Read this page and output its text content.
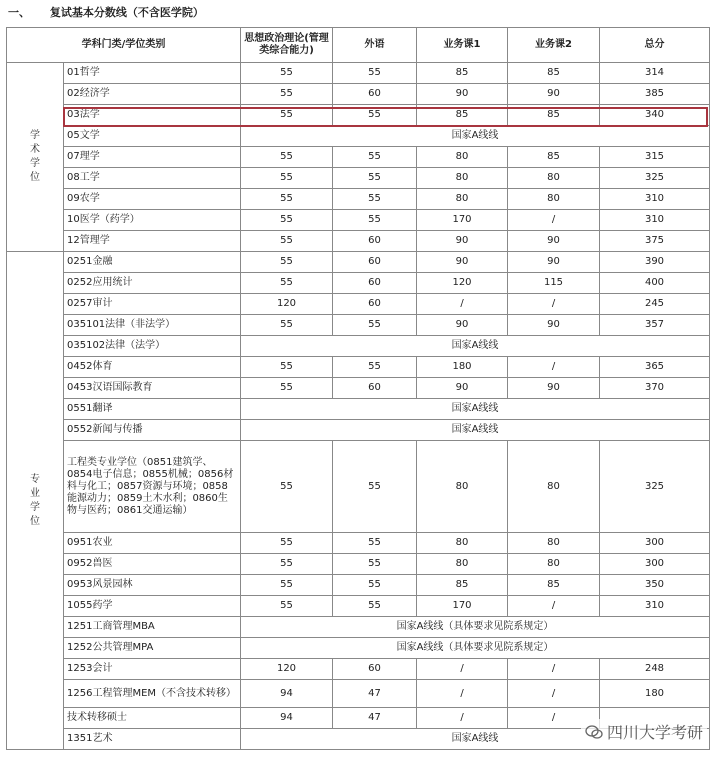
一、 复试基本分数线（不含医学院）
学科门类/学位类别		思想政治理论(管理类综合能力)	外语	业务课1	业务课2	总分

学
术
学
位	01哲学	55	55	85	85	314
	02经济学	55	60	90	90	385
	03法学	55	55	85	85	340
	05文学	国家A线线				
	07理学	55	55	80	85	315
	08工学	55	55	80	80	325
	09农学	55	55	80	80	310
	10医学（药学）	55	55	170	/	310
	12管理学	55	60	90	90	375

专
业
学
位	0251金融	55	60	90	90	390
	0252应用统计	55	60	120	115	400
	0257审计	120	60	/	/	245
	035101法律（非法学）	55	55	90	90	357
	035102法律（法学）	国家A线线				
	0452体育	55	55	180	/	365
	0453汉语国际教育	55	60	90	90	370
	0551翻译	国家A线线				
	0552新闻与传播	国家A线线				
	工程类专业学位（0851建筑学、0854电子信息；0855机械；0856材料与化工；0857资源与环境；0858能源动力；0859土木水利；0860生物与医药；0861交通运输）	55	55	80	80	325
	0951农业	55	55	80	80	300
	0952兽医	55	55	80	80	300
	0953风景园林	55	55	85	85	350
	1055药学	55	55	170	/	310
	1251工商管理MBA	国家A线线（具体要求见院系规定）				
	1252公共管理MPA	国家A线线（具体要求见院系规定）				
	1253会计	120	60	/	/	248
	1256工程管理MEM（不含技术转移）	94	47	/	/	180
	技术转移硕士	94	47	/	/	
	1351艺术	国家A线线					四川大学考研
